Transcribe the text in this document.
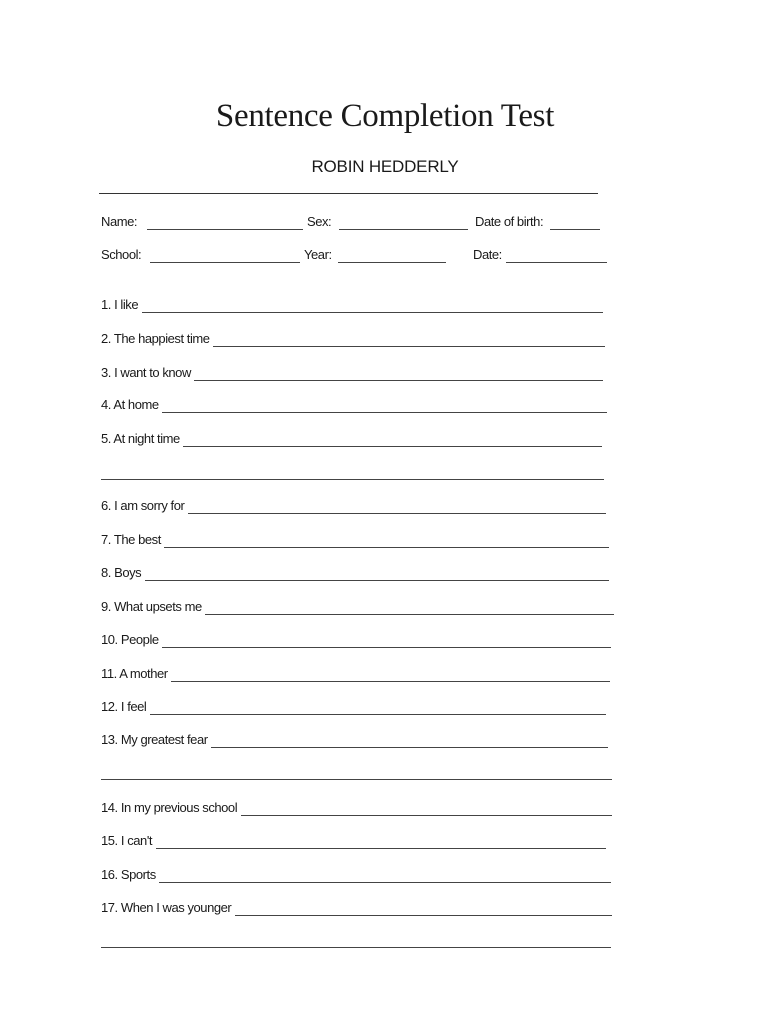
Sentence Completion Test
ROBIN HEDDERLY
Name:	Sex:	Date of birth:
School:	Year:	Date:
1. I like
2. The happiest time
3. I want to know
4. At home
5. At night time
6. I am sorry for
7. The best
8. Boys
9. What upsets me
10. People
11. A mother
12. I feel
13. My greatest fear
14. In my previous school
15. I can't
16. Sports
17. When I was younger
